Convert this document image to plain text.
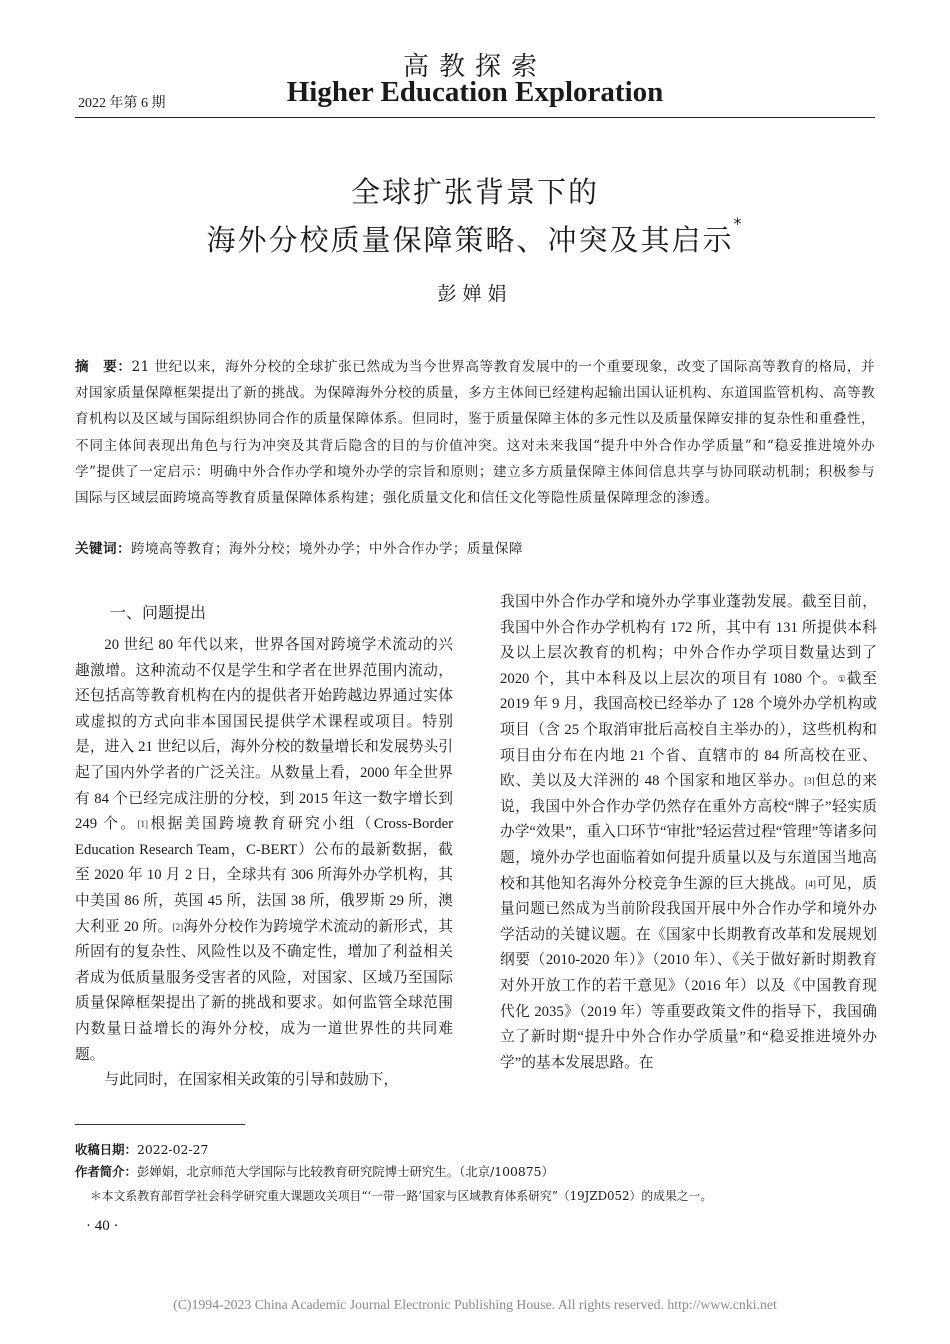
高教探索
2022 年第 6 期	Higher Education Exploration
全球扩张背景下的
海外分校质量保障策略、冲突及其启示*
彭婵娟
摘　要：21 世纪以来，海外分校的全球扩张已然成为当今世界高等教育发展中的一个重要现象，改变了国际高等教育的格局，并对国家质量保障框架提出了新的挑战。为保障海外分校的质量，多方主体间已经建构起输出国认证机构、东道国监管机构、高等教育机构以及区域与国际组织协同合作的质量保障体系。但同时，鉴于质量保障主体的多元性以及质量保障安排的复杂性和重叠性，不同主体间表现出角色与行为冲突及其背后隐含的目的与价值冲突。这对未来我国“提升中外合作办学质量”和“稳妥推进境外办学”提供了一定启示：明确中外合作办学和境外办学的宗旨和原则；建立多方质量保障主体间信息共享与协同联动机制；积极参与国际与区域层面跨境高等教育质量保障体系构建；强化质量文化和信任文化等隐性质量保障理念的渗透。
关键词：跨境高等教育；海外分校；境外办学；中外合作办学；质量保障
一、问题提出

20 世纪 80 年代以来，世界各国对跨境学术流动的兴趣激增。这种流动不仅是学生和学者在世界范围内流动，还包括高等教育机构在内的提供者开始跨越边界通过实体或虚拟的方式向非本国国民提供学术课程或项目。特别是，进入 21 世纪以后，海外分校的数量增长和发展势头引起了国内外学者的广泛关注。从数量上看，2000 年全世界有 84 个已经完成注册的分校，到 2015 年这一数字增长到 249 个。[1]根据美国跨境教育研究小组（Cross-Border Education Research Team，C-BERT）公布的最新数据，截至 2020 年 10 月 2 日，全球共有 306 所海外办学机构，其中美国 86 所，英国 45 所，法国 38 所，俄罗斯 29 所，澳大利亚 20 所。[2]海外分校作为跨境学术流动的新形式，其所固有的复杂性、风险性以及不确定性，增加了利益相关者成为低质量服务受害者的风险，对国家、区域乃至国际质量保障框架提出了新的挑战和要求。如何监管全球范围内数量日益增长的海外分校，成为一道世界性的共同难题。

与此同时，在国家相关政策的引导和鼓励下，

我国中外合作办学和境外办学事业蓬勃发展。截至目前，我国中外合作办学机构有 172 所，其中有 131 所提供本科及以上层次教育的机构；中外合作办学项目数量达到了 2020 个，其中本科及以上层次的项目有 1080 个。①截至 2019 年 9 月，我国高校已经举办了 128 个境外办学机构或项目（含 25 个取消审批后高校自主举办的），这些机构和项目由分布在内地 21 个省、直辖市的 84 所高校在亚、欧、美以及大洋洲的 48 个国家和地区举办。[3]但总的来说，我国中外合作办学仍然存在重外方高校“牌子”轻实质办学“效果”，重入口环节“审批”轻运营过程“管理”等诸多问题，境外办学也面临着如何提升质量以及与东道国当地高校和其他知名海外分校竞争生源的巨大挑战。[4]可见，质量问题已然成为当前阶段我国开展中外合作办学和境外办学活动的关键议题。在《国家中长期教育改革和发展规划纲要（2010-2020 年）》（2010 年）、《关于做好新时期教育对外开放工作的若干意见》（2016 年）以及《中国教育现代化 2035》（2019 年）等重要政策文件的指导下，我国确立了新时期“提升中外合作办学质量”和“稳妥推进境外办学”的基本发展思路。在

收稿日期：2022-02-27
作者简介：彭婵娟，北京师范大学国际与比较教育研究院博士研究生。（北京/100875）
＊本文系教育部哲学社会科学研究重大课题攻关项目“‘一带一路’国家与区域教育体系研究”（19JZD052）的成果之一。
· 40 ·
(C)1994-2023 China Academic Journal Electronic Publishing House. All rights reserved. http://www.cnki.net
